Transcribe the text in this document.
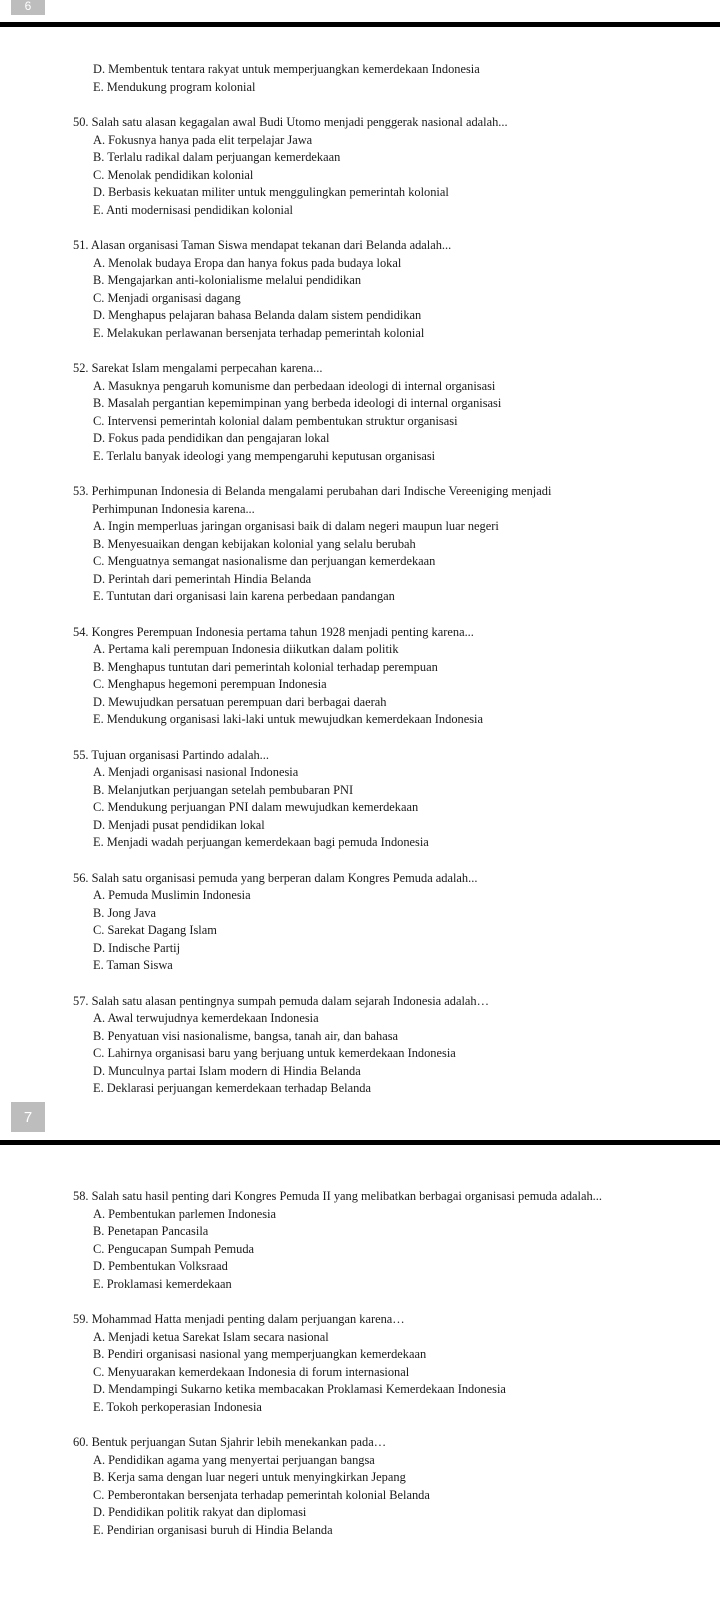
6
D. Membentuk tentara rakyat untuk memperjuangkan kemerdekaan Indonesia
E. Mendukung program kolonial
50. Salah satu alasan kegagalan awal Budi Utomo menjadi penggerak nasional adalah...
A. Fokusnya hanya pada elit terpelajar Jawa
B. Terlalu radikal dalam perjuangan kemerdekaan
C. Menolak pendidikan kolonial
D. Berbasis kekuatan militer untuk menggulingkan pemerintah kolonial
E. Anti modernisasi pendidikan kolonial
51. Alasan organisasi Taman Siswa mendapat tekanan dari Belanda adalah...
A. Menolak budaya Eropa dan hanya fokus pada budaya lokal
B. Mengajarkan anti-kolonialisme melalui pendidikan
C. Menjadi organisasi dagang
D. Menghapus pelajaran bahasa Belanda dalam sistem pendidikan
E. Melakukan perlawanan bersenjata terhadap pemerintah kolonial
52. Sarekat Islam mengalami perpecahan karena...
A. Masuknya pengaruh komunisme dan perbedaan ideologi di internal organisasi
B. Masalah pergantian kepemimpinan yang berbeda ideologi di internal organisasi
C. Intervensi pemerintah kolonial dalam pembentukan struktur organisasi
D. Fokus pada pendidikan dan pengajaran lokal
E. Terlalu banyak ideologi yang mempengaruhi keputusan organisasi
53. Perhimpunan Indonesia di Belanda mengalami perubahan dari Indische Vereeniging menjadi
Perhimpunan Indonesia karena...
A. Ingin memperluas jaringan organisasi baik di dalam negeri maupun luar negeri
B. Menyesuaikan dengan kebijakan kolonial yang selalu berubah
C. Menguatnya semangat nasionalisme dan perjuangan kemerdekaan
D. Perintah dari pemerintah Hindia Belanda
E. Tuntutan dari organisasi lain karena perbedaan pandangan
54. Kongres Perempuan Indonesia pertama tahun 1928 menjadi penting karena...
A. Pertama kali perempuan Indonesia diikutkan dalam politik
B. Menghapus tuntutan dari pemerintah kolonial terhadap perempuan
C. Menghapus hegemoni perempuan Indonesia
D. Mewujudkan persatuan perempuan dari berbagai daerah
E. Mendukung organisasi laki-laki untuk mewujudkan kemerdekaan Indonesia
55. Tujuan organisasi Partindo adalah...
A. Menjadi organisasi nasional Indonesia
B. Melanjutkan perjuangan setelah pembubaran PNI
C. Mendukung perjuangan PNI dalam mewujudkan kemerdekaan
D. Menjadi pusat pendidikan lokal
E. Menjadi wadah perjuangan kemerdekaan bagi pemuda Indonesia
56. Salah satu organisasi pemuda yang berperan dalam Kongres Pemuda adalah...
A. Pemuda Muslimin Indonesia
B. Jong Java
C. Sarekat Dagang Islam
D. Indische Partij
E. Taman Siswa
57. Salah satu alasan pentingnya sumpah pemuda dalam sejarah Indonesia adalah…
A. Awal terwujudnya kemerdekaan Indonesia
B. Penyatuan visi nasionalisme, bangsa, tanah air, dan bahasa
C. Lahirnya organisasi baru yang berjuang untuk kemerdekaan Indonesia
D. Munculnya partai Islam modern di Hindia Belanda
E. Deklarasi perjuangan kemerdekaan terhadap Belanda
7
58. Salah satu hasil penting dari Kongres Pemuda II yang melibatkan berbagai organisasi pemuda adalah...
A. Pembentukan parlemen Indonesia
B. Penetapan Pancasila
C. Pengucapan Sumpah Pemuda
D. Pembentukan Volksraad
E. Proklamasi kemerdekaan
59. Mohammad Hatta menjadi penting dalam perjuangan karena…
A. Menjadi ketua Sarekat Islam secara nasional
B. Pendiri organisasi nasional yang memperjuangkan kemerdekaan
C. Menyuarakan kemerdekaan Indonesia di forum internasional
D. Mendampingi Sukarno ketika membacakan Proklamasi Kemerdekaan Indonesia
E. Tokoh perkoperasian Indonesia
60. Bentuk perjuangan Sutan Sjahrir lebih menekankan pada…
A. Pendidikan agama yang menyertai perjuangan bangsa
B. Kerja sama dengan luar negeri untuk menyingkirkan Jepang
C. Pemberontakan bersenjata terhadap pemerintah kolonial Belanda
D. Pendidikan politik rakyat dan diplomasi
E. Pendirian organisasi buruh di Hindia Belanda
